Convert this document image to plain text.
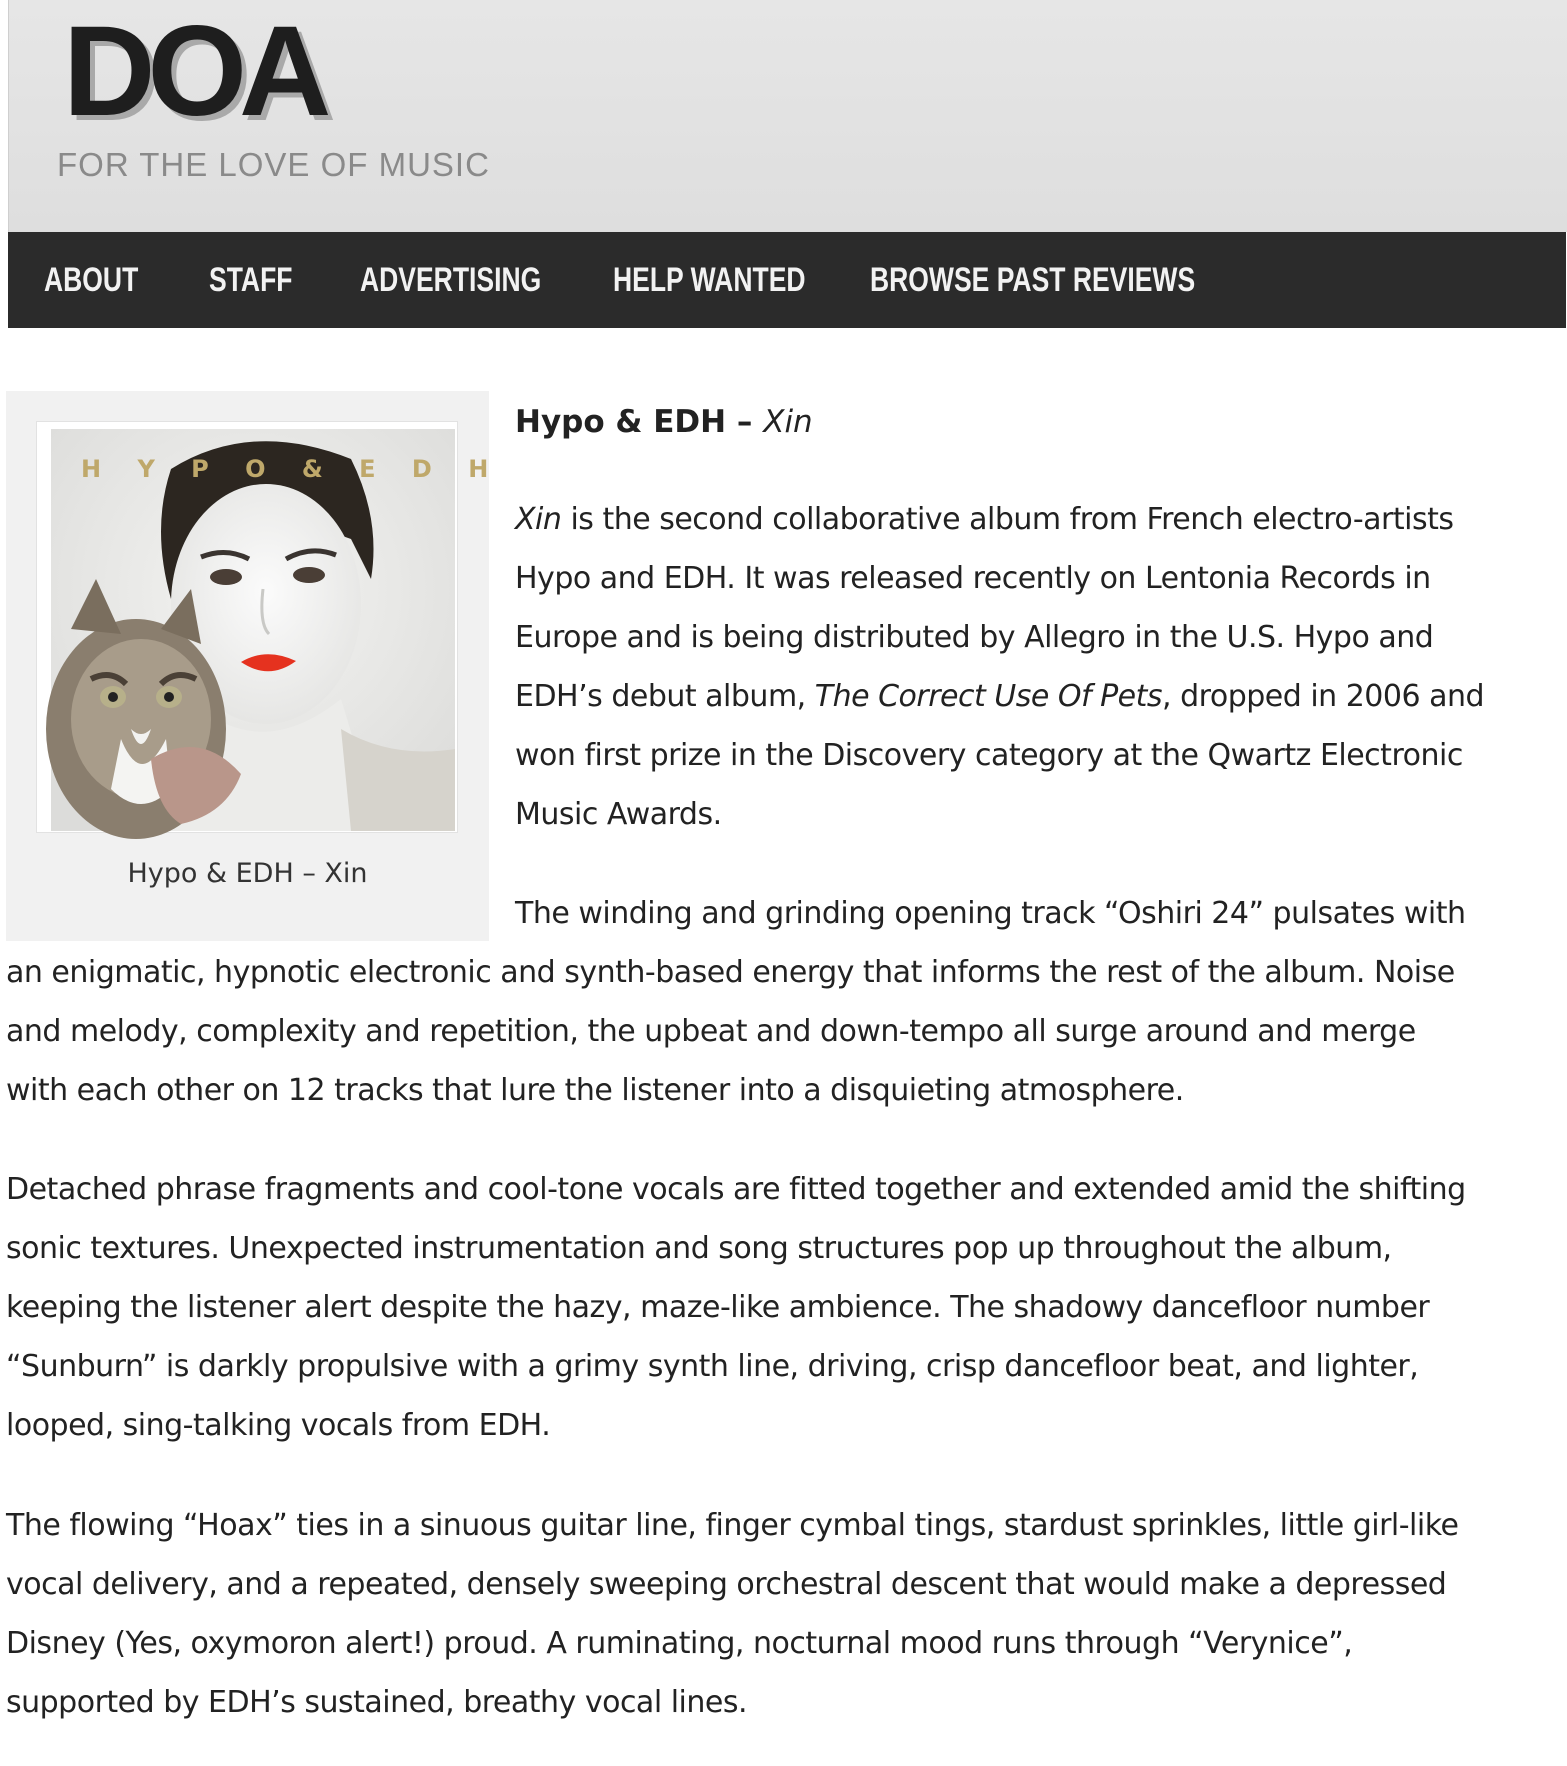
DOA
FOR THE LOVE OF MUSIC
ABOUT STAFF ADVERTISING HELP WANTED BROWSE PAST REVIEWS
H Y P O & E D H
Hypo & EDH – Xin
Hypo & EDH – Xin
Xin is the second collaborative album from French electro-artists
Hypo and EDH. It was released recently on Lentonia Records in
Europe and is being distributed by Allegro in the U.S. Hypo and
EDH’s debut album, The Correct Use Of Pets, dropped in 2006 and
won first prize in the Discovery category at the Qwartz Electronic
Music Awards.
The winding and grinding opening track “Oshiri 24” pulsates with
an enigmatic, hypnotic electronic and synth-based energy that informs the rest of the album. Noise
and melody, complexity and repetition, the upbeat and down-tempo all surge around and merge
with each other on 12 tracks that lure the listener into a disquieting atmosphere.
Detached phrase fragments and cool-tone vocals are fitted together and extended amid the shifting
sonic textures. Unexpected instrumentation and song structures pop up throughout the album,
keeping the listener alert despite the hazy, maze-like ambience. The shadowy dancefloor number
“Sunburn” is darkly propulsive with a grimy synth line, driving, crisp dancefloor beat, and lighter,
looped, sing-talking vocals from EDH.
The flowing “Hoax” ties in a sinuous guitar line, finger cymbal tings, stardust sprinkles, little girl-like
vocal delivery, and a repeated, densely sweeping orchestral descent that would make a depressed
Disney (Yes, oxymoron alert!) proud. A ruminating, nocturnal mood runs through “Verynice”,
supported by EDH’s sustained, breathy vocal lines.
